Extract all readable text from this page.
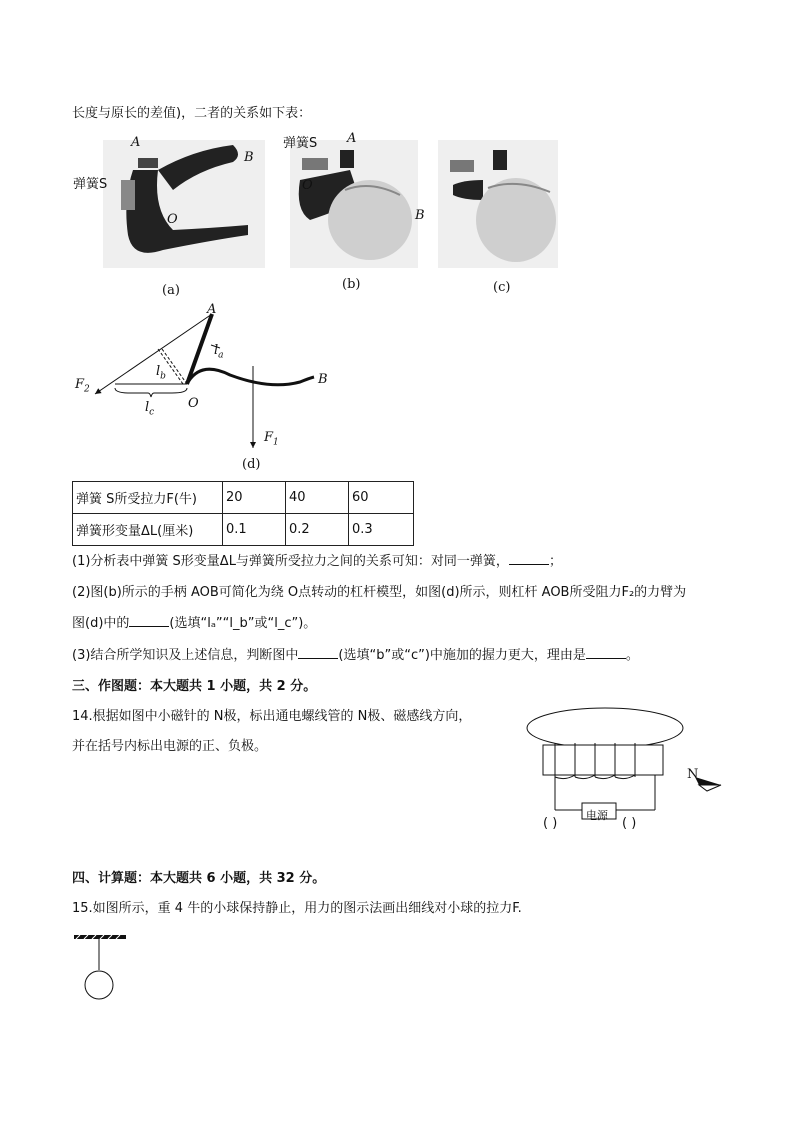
长度与原长的差值)，二者的关系如下表：
A
B
O
弹簧S
(a)
弹簧S A
O
B
(b)	(c)
A
B
O
$F_2$
$F_1$
$l_a$
$l_b$
$l_c$
(d)
弹簧 S所受拉力F(牛)	20	40	60
弹簧形变量ΔL(厘米)	0.1	0.2	0.3
(1)分析表中弹簧 S形变量ΔL与弹簧所受拉力之间的关系可知：对同一弹簧，	；
(2)图(b)所示的手柄 AOB可简化为绕 O点转动的杠杆模型，如图(d)所示，则杠杆 AOB所受阻力F₂的力臂为
图(d)中的	(选填“lₐ”“l_b”或“l_c”)。
(3)结合所学知识及上述信息，判断图中	(选填“b”或“c”)中施加的握力更大，理由是	。
三、作图题：本大题共 1 小题，共 2 分。
14.根据如图中小磁针的 N极，标出通电螺线管的 N极、磁感线方向，
并在括号内标出电源的正、负极。
N
电源
( )	( )
四、计算题：本大题共 6 小题，共 32 分。
15.如图所示，重 4 牛的小球保持静止，用力的图示法画出细线对小球的拉力F.
